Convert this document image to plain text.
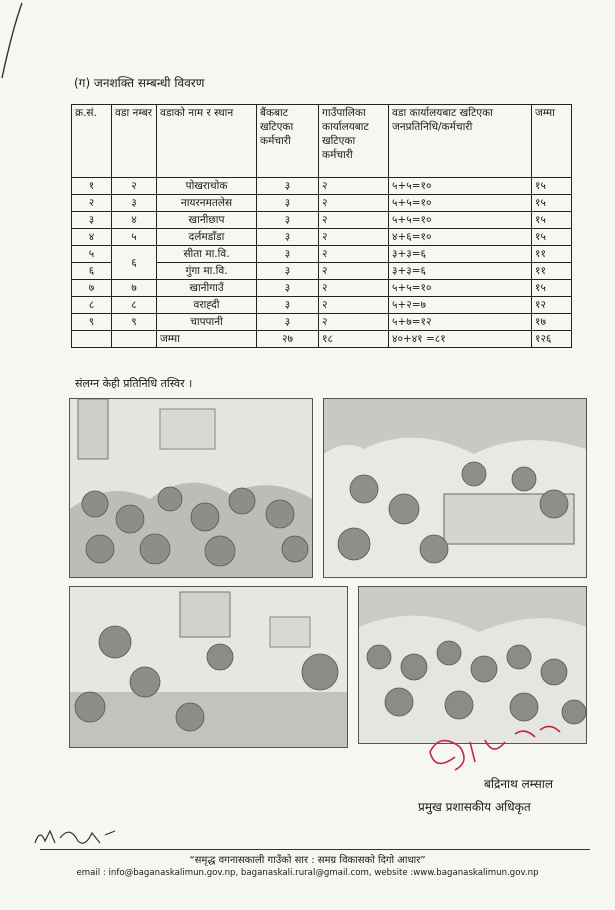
(ग) जनशक्ति सम्बन्धी विवरण
क्र.सं.	वडा नम्बर	वडाको नाम र स्थान	बैंकबाट खटिएका कर्मचारी	गाउँपालिका कार्यालयबाट खटिएका कर्मचारी	वडा कार्यालयबाट खटिएका जनप्रतिनिधि/कर्मचारी	जम्मा
१	२	पोखराथोक	३	२	५+५=१०	१५
२	३	नायरनमतलेस	३	२	५+५=१०	१५
३	४	खानीछाप	३	२	५+५=१०	१५
४	५	दर्लमडाँडा	३	२	४+६=१०	१५
५	६	सीता मा.वि.	३	२	३+३=६	११
६		गुंगा मा.वि.	३	२	३+३=६	११
७	७	खानीगाउँ	३	२	५+५=१०	१५
८	८	वराह्दी	३	२	५+२=७	१२
९	९	चापपानी	३	२	५+७=१२	१७
		जम्मा	२७	१८	४०+४१ =८१	१२६
संलग्न केही प्रतिनिधि तस्विर ।
बद्रिनाथ लम्साल
प्रमुख प्रशासकीय अधिकृत
“समृद्ध वगनासकाली गाउँको सार : समग्र विकासको दिगो आधार”
email : info@baganaskalimun.gov.np, baganaskali.rural@gmail.com, website :www.baganaskalimun.gov.np
